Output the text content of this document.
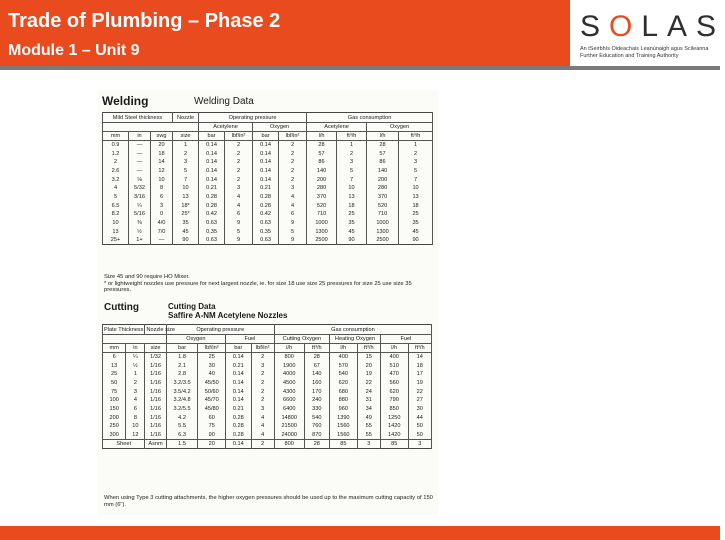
Trade of Plumbing – Phase 2
Module 1 – Unit 9
SOLAS
An tSeirbhís Oideachais Leanúnaigh agus Scileanna
Further Education and Training Authority
Welding	Welding Data
Mild Steel thickness			Nozzle	Operating pressure				Gas consumption			
				Acetylene		Oxygen		Acetylene		Oxygen	
mm	in	swg	size	bar	lbf/in²	bar	lbf/in²	l/h	ft³/h	l/h	ft³/h
0.9	—	20	1	0.14	2	0.14	2	28	1	28	1
1.2	—	18	2	0.14	2	0.14	2	57	2	57	2
2	—	14	3	0.14	2	0.14	2	86	3	86	3
2.6	—	12	5	0.14	2	0.14	2	140	5	140	5
3.2	⅛	10	7	0.14	2	0.14	2	200	7	200	7
4	5/32	8	10	0.21	3	0.21	3	280	10	280	10
5	3/16	6	13	0.28	4	0.28	4	370	13	370	13
6.5	¼	3	18*	0.28	4	0.28	4	520	18	520	18
8.2	5/16	0	25*	0.42	6	0.42	6	710	25	710	25
10	⅜	4/0	35	0.63	9	0.63	9	1000	35	1000	35
13	½	7/0	45	0.35	5	0.35	5	1300	45	1300	45
25+	1+	—	90	0.63	9	0.63	9	2500	90	2500	90
Size 45 and 90 require HO Mixer.
* or lightweight nozzles use pressure for next largest nozzle, ie. for size 18 use size 25 pressures for size 25 use size 35 pressures.
Cutting	Cutting Data
Saffire A-NM Acetylene Nozzles
Plate Thickness		Nozzle size	Operating pressure				Gas consumption					
			Oxygen		Fuel		Cutting Oxygen		Heating Oxygen		Fuel	
mm	in	size	bar	lbf/in²	bar	lbf/in²	l/h	ft³/h	l/h	ft³/h	l/h	ft³/h
6	¼	1/32	1.8	25	0.14	2	800	28	400	15	400	14
13	½	1/16	2.1	30	0.21	3	1900	67	570	20	510	18
25	1	1/16	2.8	40	0.14	2	4000	140	540	19	470	17
50	2	1/16	3.2/3.5	45/50	0.14	2	4500	160	620	22	560	19
75	3	1/16	3.5/4.2	50/60	0.14	2	4300	170	680	24	620	22
100	4	1/16	3.2/4.8	45/70	0.14	2	6600	240	880	31	790	27
150	6	1/16	3.2/5.5	45/80	0.21	3	6400	330	960	34	850	30
200	8	1/16	4.2	60	0.28	4	14800	540	1390	49	1250	44
250	10	1/16	5.5	75	0.28	4	21500	760	1560	55	1420	50
300	12	1/16	6.3	90	0.28	4	24000	870	1560	55	1420	50
Sheet		Asnm	1.5	20	0.14	2	800	28	85	3	85	3
When using Type 3 cutting attachments, the higher oxygen pressures should be used up to the maximum cutting capacity of 150 mm (6").
